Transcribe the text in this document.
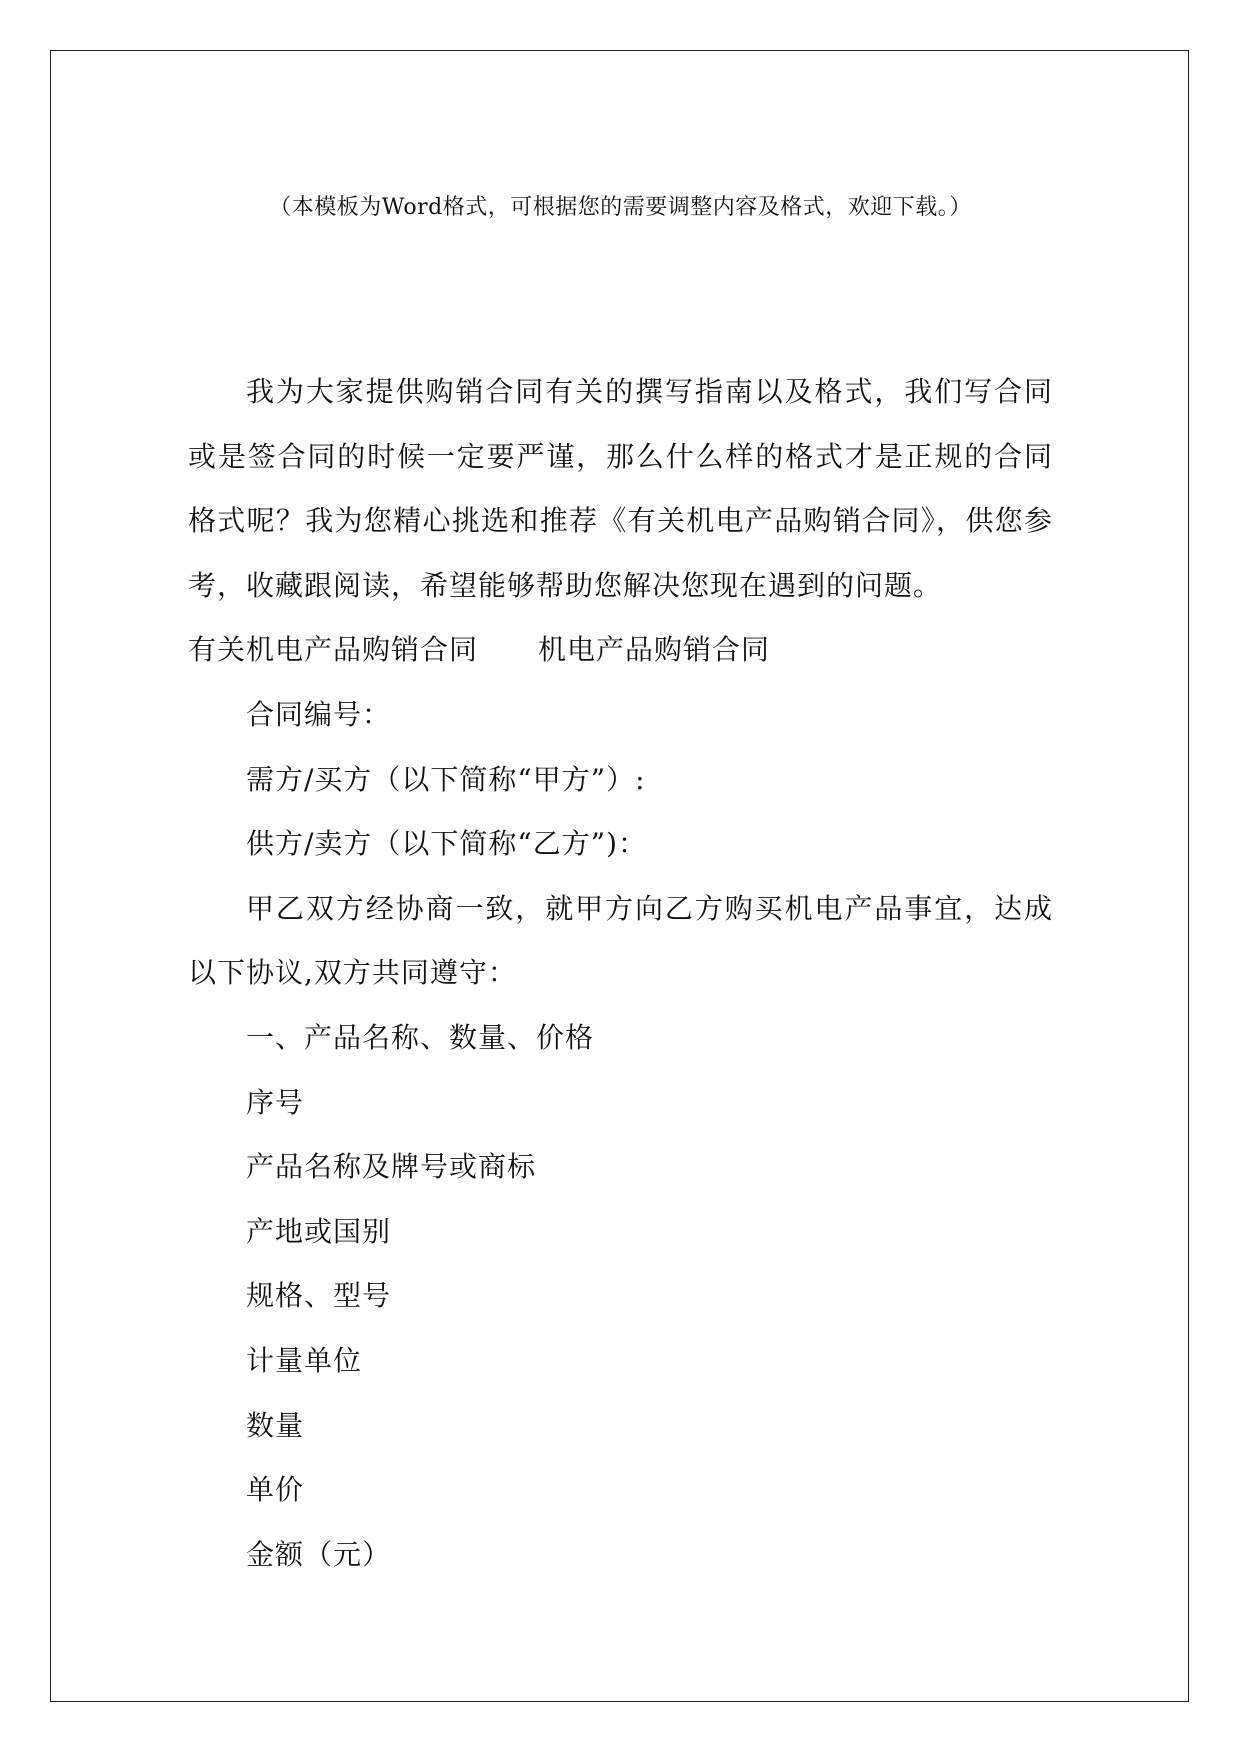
（本模板为Word格式，可根据您的需要调整内容及格式，欢迎下载。）

我为大家提供购销合同有关的撰写指南以及格式，我们写合同或是签合同的时候一定要严谨，那么什么样的格式才是正规的合同格式呢？我为您精心挑选和推荐《有关机电产品购销合同》，供您参考，收藏跟阅读，希望能够帮助您解决您现在遇到的问题。

有关机电产品购销合同 机电产品购销合同

合同编号：

需方/买方（以下简称“甲方”）:

供方/卖方（以下简称“乙方”)：

甲乙双方经协商一致，就甲方向乙方购买机电产品事宜，达成以下协议,双方共同遵守：

一、产品名称、数量、价格

序号

产品名称及牌号或商标

产地或国别

规格、型号

计量单位

数量

单价

金额（元）
